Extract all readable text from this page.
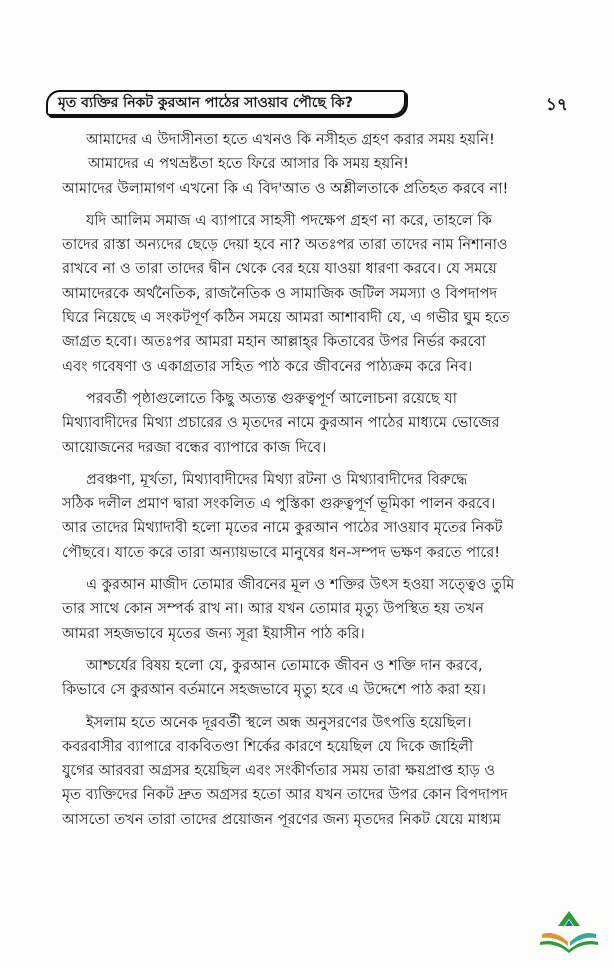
মৃত ব্যক্তির নিকট কুরআন পাঠের সাওয়াব পৌছে কি?	১৭
আমাদের এ উদাসীনতা হতে এখনও কি নসীহত গ্রহণ করার সময় হয়নি!
আমাদের এ পথভ্রষ্টতা হতে ফিরে আসার কি সময় হয়নি!
আমাদের উলামাগণ এখনো কি এ বিদ'আত ও অশ্লীলতাকে প্রতিহত করবে না!
যদি আলিম সমাজ এ ব্যাপারে সাহসী পদক্ষেপ গ্রহণ না করে, তাহলে কি
তাদের রাস্তা অন্যদের ছেড়ে দেয়া হবে না? অতঃপর তারা তাদের নাম নিশানাও
রাখবে না ও তারা তাদের দ্বীন থেকে বের হয়ে যাওয়া ধারণা করবে। যে সময়ে
আমাদেরকে অর্থনৈতিক, রাজনৈতিক ও সামাজিক জটিল সমস্যা ও বিপদাপদ
ঘিরে নিয়েছে এ সংকটপূর্ণ কঠিন সময়ে আমরা আশাবাদী যে, এ গভীর ঘুম হতে
জাগ্রত হবো। অতঃপর আমরা মহান আল্লাহ্‌র কিতাবের উপর নির্ভর করবো
এবং গবেষণা ও একাগ্রতার সহিত পাঠ করে জীবনের পাঠ্যক্রম করে নিব।
পরবর্তী পৃষ্ঠাগুলোতে কিছু অত্যন্ত গুরুত্বপূর্ণ আলোচনা রয়েছে যা
মিথ্যাবাদীদের মিথ্যা প্রচারের ও মৃতদের নামে কুরআন পাঠের মাধ্যমে ভোজের
আয়োজনের দরজা বন্ধের ব্যাপারে কাজ দিবে।
প্রবঞ্চণা, মূর্খতা, মিথ্যাবাদীদের মিথ্যা রটনা ও মিথ্যাবাদীদের বিরুদ্ধে
সঠিক দলীল প্রমাণ দ্বারা সংকলিত এ পুস্তিকা গুরুত্বপূর্ণ ভূমিকা পালন করবে।
আর তাদের মিথ্যাদাবী হলো মৃতের নামে কুরআন পাঠের সাওয়াব মৃতের নিকট
পৌছবে। যাতে করে তারা অন্যায়ভাবে মানুষের ধন-সম্পদ ভক্ষণ করতে পারে!
এ কুরআন মাজীদ তোমার জীবনের মূল ও শক্তির উৎস হওয়া সত্ত্বেও তুমি
তার সাথে কোন সম্পর্ক রাখ না। আর যখন তোমার মৃত্যু উপস্থিত হয় তখন
আমরা সহজভাবে মৃতের জন্য সূরা ইয়াসীন পাঠ করি।
আশ্চর্যের বিষয় হলো যে, কুরআন তোমাকে জীবন ও শক্তি দান করবে,
কিভাবে সে কুরআন বর্তমানে সহজভাবে মৃত্যু হবে এ উদ্দেশে পাঠ করা হয়।
ইসলাম হতে অনেক দূরবর্তী স্থলে অন্ধ অনুসরণের উৎপত্তি হয়েছিল।
কবরবাসীর ব্যাপারে বাকবিতণ্ডা শির্কের কারণে হয়েছিল যে দিকে জাহিলী
যুগের আরবরা অগ্রসর হয়েছিল এবং সংকীর্ণতার সময় তারা ক্ষয়প্রাপ্ত হাড় ও
মৃত ব্যক্তিদের নিকট দ্রুত অগ্রসর হতো আর যখন তাদের উপর কোন বিপদাপদ
আসতো তখন তারা তাদের প্রয়োজন পূরণের জন্য মৃতদের নিকট যেয়ে মাধ্যম
